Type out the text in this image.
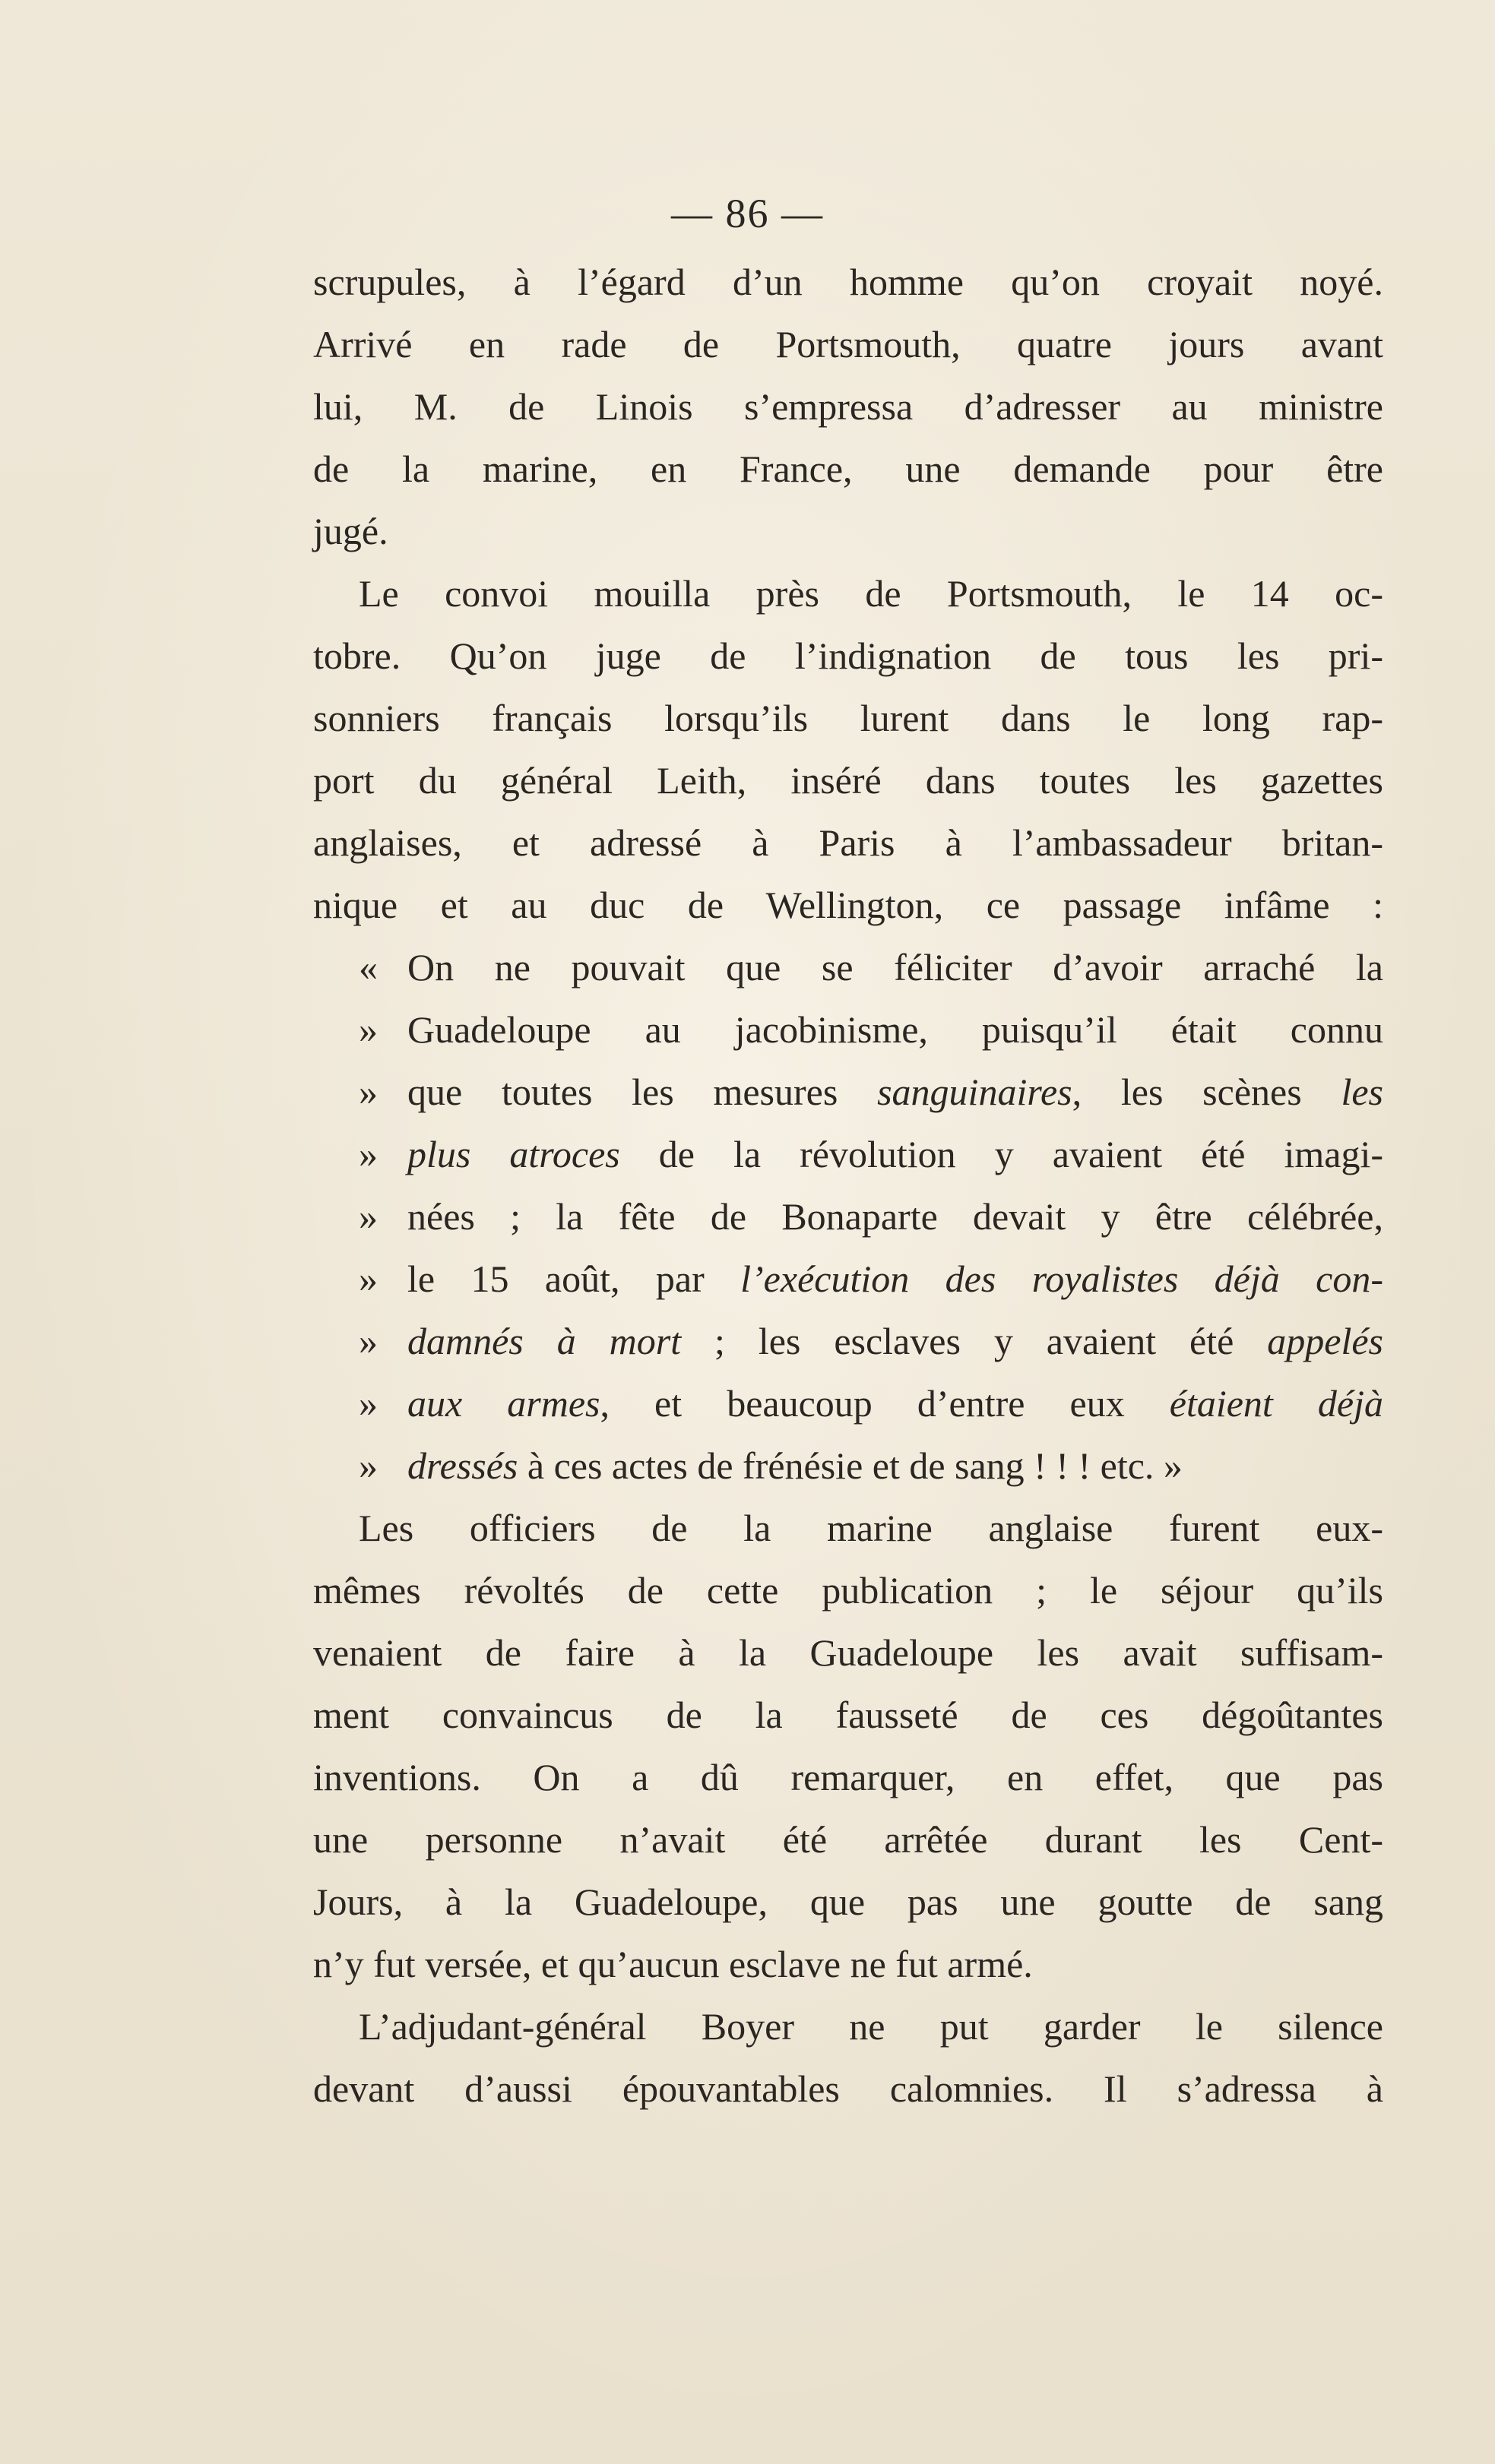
— 86 —
scrupules, à l’égard d’un homme qu’on croyait noyé.
Arrivé en rade de Portsmouth, quatre jours avant
lui, M. de Linois s’empressa d’adresser au ministre
de la marine, en France, une demande pour être
jugé.
Le convoi mouilla près de Portsmouth, le 14 oc-
tobre. Qu’on juge de l’indignation de tous les pri-
sonniers français lorsqu’ils lurent dans le long rap-
port du général Leith, inséré dans toutes les gazettes
anglaises, et adressé à Paris à l’ambassadeur britan-
nique et au duc de Wellington, ce passage infâme :
« On ne pouvait que se féliciter d’avoir arraché la
» Guadeloupe au jacobinisme, puisqu’il était connu
» que toutes les mesures sanguinaires, les scènes les
» plus atroces de la révolution y avaient été imagi-
» nées ; la fête de Bonaparte devait y être célébrée,
» le 15 août, par l’exécution des royalistes déjà con-
» damnés à mort ; les esclaves y avaient été appelés
» aux armes, et beaucoup d’entre eux étaient déjà
» dressés à ces actes de frénésie et de sang ! ! ! etc. »
Les officiers de la marine anglaise furent eux-
mêmes révoltés de cette publication ; le séjour qu’ils
venaient de faire à la Guadeloupe les avait suffisam-
ment convaincus de la fausseté de ces dégoûtantes
inventions. On a dû remarquer, en effet, que pas
une personne n’avait été arrêtée durant les Cent-
Jours, à la Guadeloupe, que pas une goutte de sang
n’y fut versée, et qu’aucun esclave ne fut armé.
L’adjudant-général Boyer ne put garder le silence
devant d’aussi épouvantables calomnies. Il s’adressa à
